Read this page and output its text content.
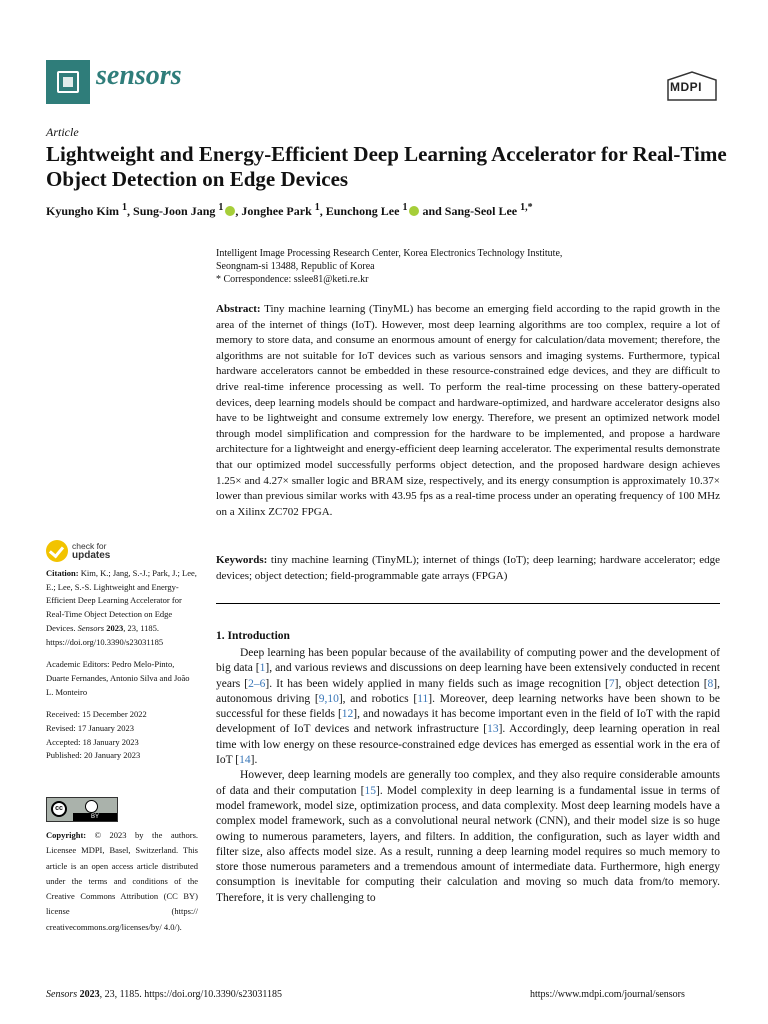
sensors	MDPI
Article
Lightweight and Energy-Efficient Deep Learning Accelerator for Real-Time Object Detection on Edge Devices
Kyungho Kim $^1$, Sung-Joon Jang $^1$ , Jonghee Park $^1$, Eunchong Lee $^1$ and Sang-Seol Lee $^{1,*}$
Intelligent Image Processing Research Center, Korea Electronics Technology Institute,
Seongnam-si 13488, Republic of Korea
* Correspondence: sslee81@keti.re.kr
Abstract: Tiny machine learning (TinyML) has become an emerging field according to the rapid growth in the area of the internet of things (IoT). However, most deep learning algorithms are too complex, require a lot of memory to store data, and consume an enormous amount of energy for calculation/data movement; therefore, the algorithms are not suitable for IoT devices such as various sensors and imaging systems. Furthermore, typical hardware accelerators cannot be embedded in these resource-constrained edge devices, and they are difficult to drive real-time inference processing as well. To perform the real-time processing on these battery-operated devices, deep learning models should be compact and hardware-optimized, and hardware accelerator designs also have to be lightweight and consume extremely low energy. Therefore, we present an optimized network model through model simplification and compression for the hardware to be implemented, and propose a hardware architecture for a lightweight and energy-efficient deep learning accelerator. The experimental results demonstrate that our optimized model successfully performs object detection, and the proposed hardware design achieves 1.25× and 4.27× smaller logic and BRAM size, respectively, and its energy consumption is approximately 10.37× lower than previous similar works with 43.95 fps as a real-time process under an operating frequency of 100 MHz on a Xilinx ZC702 FPGA.
Keywords: tiny machine learning (TinyML); internet of things (IoT); deep learning; hardware accelerator; edge devices; object detection; field-programmable gate arrays (FPGA)
1. Introduction

Deep learning has been popular because of the availability of computing power and the development of big data [1], and various reviews and discussions on deep learning have been extensively conducted in recent years [2–6]. It has been widely applied in many fields such as image recognition [7], object detection [8], autonomous driving [9,10], and robotics [11]. Moreover, deep learning networks have been shown to be successful for these fields [12], and nowadays it has become important even in the field of IoT with the rapid development of IoT devices and network infrastructure [13]. Accordingly, deep learning operation in real time with low energy on these resource-constrained edge devices has emerged as essential work in the era of IoT [14].

However, deep learning models are generally too complex, and they also require considerable amounts of data and their computation [15]. Model complexity in deep learning is a fundamental issue in terms of model framework, model size, optimization process, and data complexity. Most deep learning models have a complex model framework, such as a convolutional neural network (CNN), and their model size is so huge owing to numerous parameters, layers, and filters. In addition, the configuration, such as layer width and filter size, also affects model size. As a result, running a deep learning model requires so much memory to store those numerous parameters and a tremendous amount of intermediate data. Furthermore, high energy consumption is inevitable for computing their calculation and moving so much data from/to memory. Therefore, it is very challenging to

check for
updates

Citation: Kim, K.; Jang, S.-J.; Park, J.; Lee, E.; Lee, S.-S. Lightweight and Energy-Efficient Deep Learning Accelerator for Real-Time Object Detection on Edge Devices. Sensors 2023, 23, 1185. https://doi.org/10.3390/s23031185

Academic Editors: Pedro Melo-Pinto, Duarte Fernandes, Antonio Silva and João L. Monteiro

Received: 15 December 2022
Revised: 17 January 2023
Accepted: 18 January 2023
Published: 20 January 2023
cc
BY
Copyright: © 2023 by the authors. Licensee MDPI, Basel, Switzerland. This article is an open access article distributed under the terms and conditions of the Creative Commons Attribution (CC BY) license (https:// creativecommons.org/licenses/by/ 4.0/).
Sensors 2023, 23, 1185. https://doi.org/10.3390/s23031185	https://www.mdpi.com/journal/sensors
